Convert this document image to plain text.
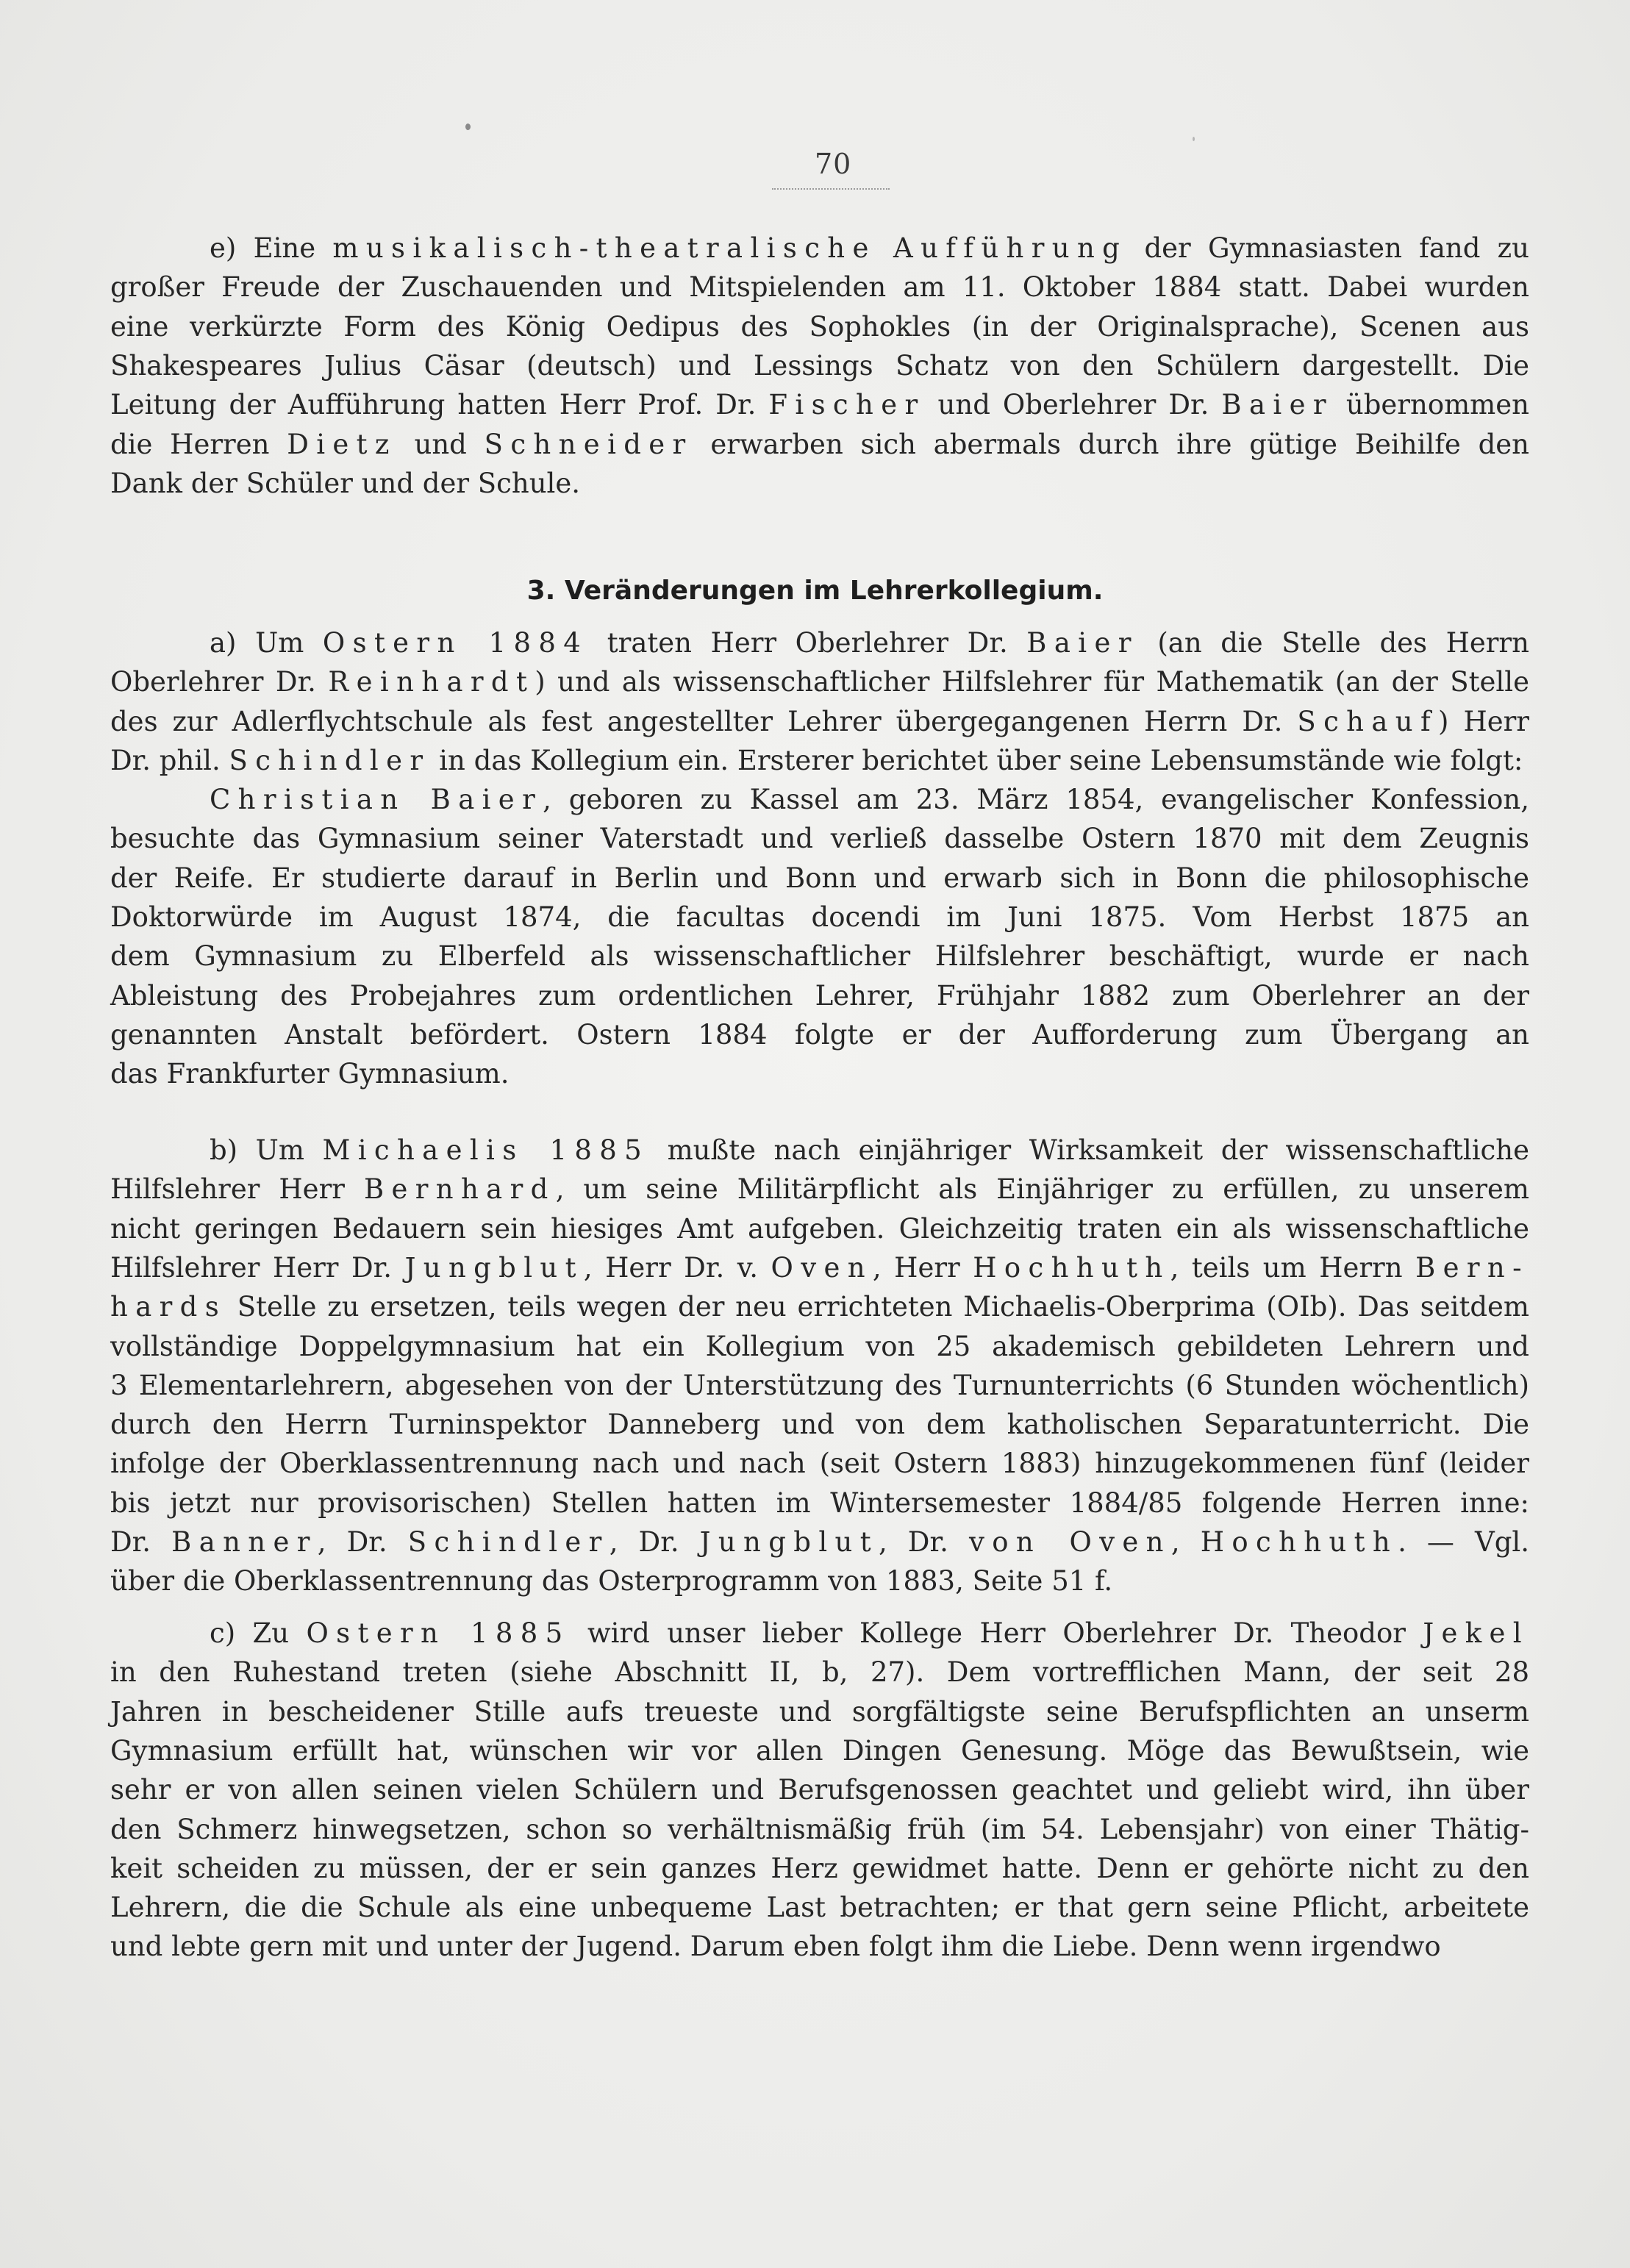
70
e) Eine musikalisch-theatralische Aufführung der Gymnasiasten fand zu
großer Freude der Zuschauenden und Mitspielenden am 11. Oktober 1884 statt. Dabei wurden
eine verkürzte Form des König Oedipus des Sophokles (in der Originalsprache), Scenen aus
Shakespeares Julius Cäsar (deutsch) und Lessings Schatz von den Schülern dargestellt. Die
Leitung der Aufführung hatten Herr Prof. Dr. Fischer und Oberlehrer Dr. Baier übernommen
die Herren Dietz und Schneider erwarben sich abermals durch ihre gütige Beihilfe den
Dank der Schüler und der Schule.
3. Veränderungen im Lehrerkollegium.
a) Um Ostern 1884 traten Herr Oberlehrer Dr. Baier (an die Stelle des Herrn
Oberlehrer Dr. Reinhardt) und als wissenschaftlicher Hilfslehrer für Mathematik (an der Stelle
des zur Adlerflychtschule als fest angestellter Lehrer übergegangenen Herrn Dr. Schauf) Herr
Dr. phil. Schindler in das Kollegium ein. Ersterer berichtet über seine Lebensumstände wie folgt:
Christian Baier, geboren zu Kassel am 23. März 1854, evangelischer Konfession,
besuchte das Gymnasium seiner Vaterstadt und verließ dasselbe Ostern 1870 mit dem Zeugnis
der Reife. Er studierte darauf in Berlin und Bonn und erwarb sich in Bonn die philosophische
Doktorwürde im August 1874, die facultas docendi im Juni 1875. Vom Herbst 1875 an
dem Gymnasium zu Elberfeld als wissenschaftlicher Hilfslehrer beschäftigt, wurde er nach
Ableistung des Probejahres zum ordentlichen Lehrer, Frühjahr 1882 zum Oberlehrer an der
genannten Anstalt befördert. Ostern 1884 folgte er der Aufforderung zum Übergang an
das Frankfurter Gymnasium.
b) Um Michaelis 1885 mußte nach einjähriger Wirksamkeit der wissenschaftliche
Hilfslehrer Herr Bernhard, um seine Militärpflicht als Einjähriger zu erfüllen, zu unserem
nicht geringen Bedauern sein hiesiges Amt aufgeben. Gleichzeitig traten ein als wissenschaftliche
Hilfslehrer Herr Dr. Jungblut, Herr Dr. v. Oven, Herr Hochhuth, teils um Herrn Bern-
hards Stelle zu ersetzen, teils wegen der neu errichteten Michaelis-Oberprima (OIb). Das seitdem
vollständige Doppelgymnasium hat ein Kollegium von 25 akademisch gebildeten Lehrern und
3 Elementarlehrern, abgesehen von der Unterstützung des Turnunterrichts (6 Stunden wöchentlich)
durch den Herrn Turninspektor Danneberg und von dem katholischen Separatunterricht. Die
infolge der Oberklassentrennung nach und nach (seit Ostern 1883) hinzugekommenen fünf (leider
bis jetzt nur provisorischen) Stellen hatten im Wintersemester 1884/85 folgende Herren inne:
Dr. Banner, Dr. Schindler, Dr. Jungblut, Dr. von Oven, Hochhuth. — Vgl.
über die Oberklassentrennung das Osterprogramm von 1883, Seite 51 f.
c) Zu Ostern 1885 wird unser lieber Kollege Herr Oberlehrer Dr. Theodor Jekel
in den Ruhestand treten (siehe Abschnitt II, b, 27). Dem vortrefflichen Mann, der seit 28
Jahren in bescheidener Stille aufs treueste und sorgfältigste seine Berufspflichten an unserm
Gymnasium erfüllt hat, wünschen wir vor allen Dingen Genesung. Möge das Bewußtsein, wie
sehr er von allen seinen vielen Schülern und Berufsgenossen geachtet und geliebt wird, ihn über
den Schmerz hinwegsetzen, schon so verhältnismäßig früh (im 54. Lebensjahr) von einer Thätig-
keit scheiden zu müssen, der er sein ganzes Herz gewidmet hatte. Denn er gehörte nicht zu den
Lehrern, die die Schule als eine unbequeme Last betrachten; er that gern seine Pflicht, arbeitete
und lebte gern mit und unter der Jugend. Darum eben folgt ihm die Liebe. Denn wenn irgendwo
